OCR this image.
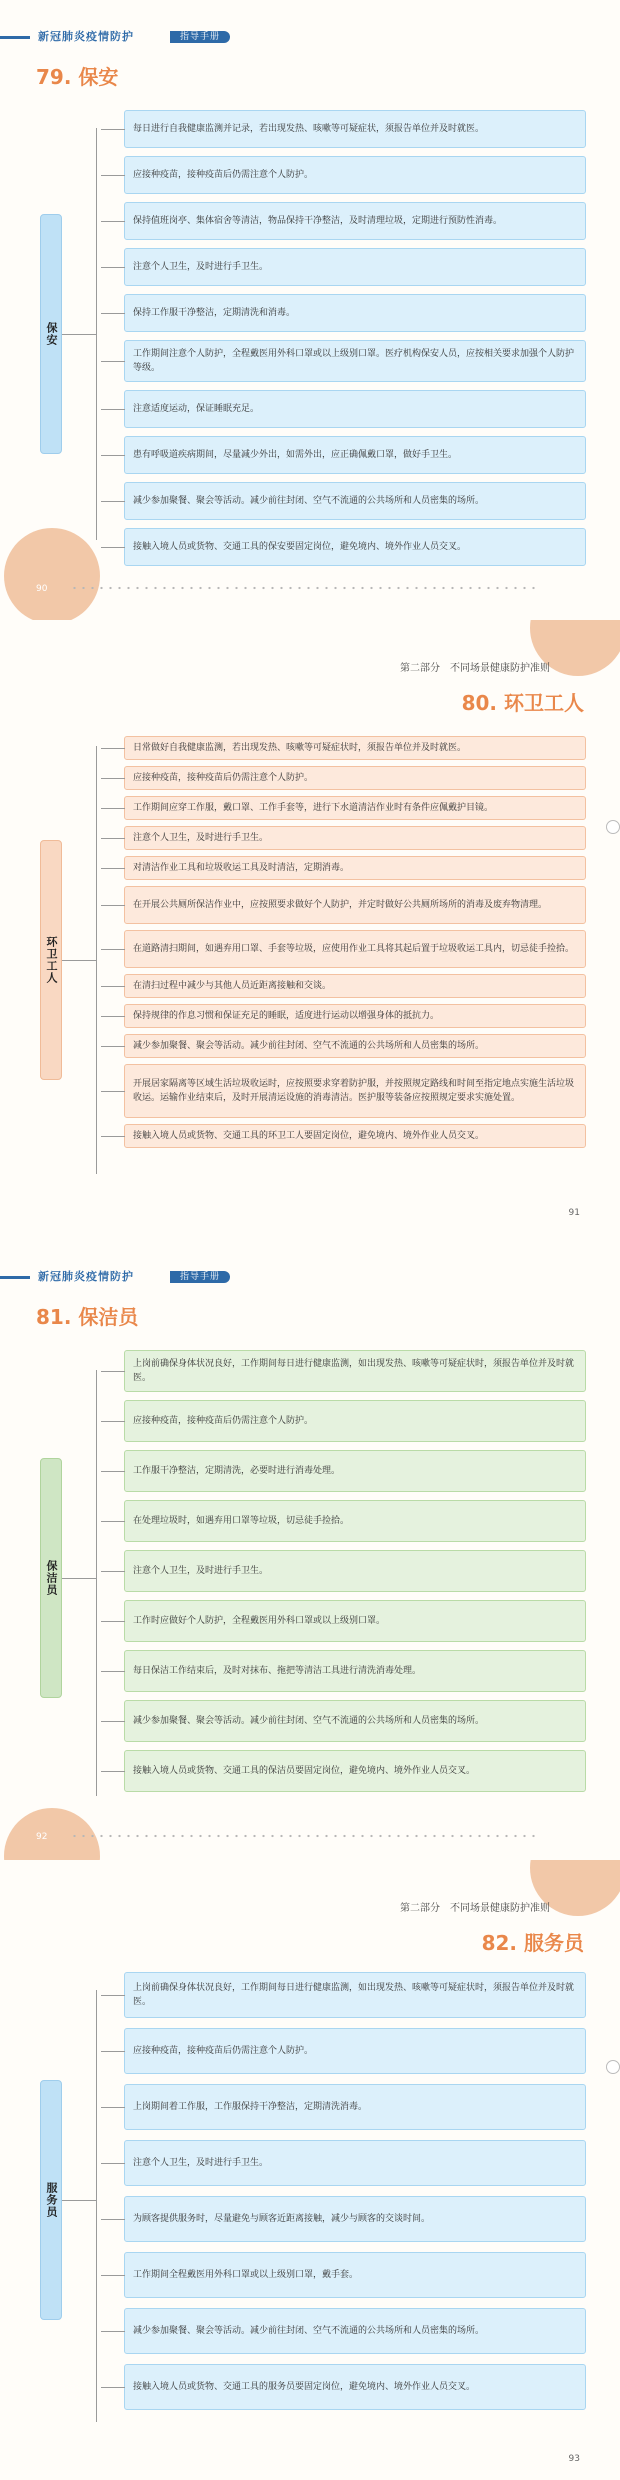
新冠肺炎疫情防护	指导手册
79. 保安
保安
每日进行自我健康监测并记录，若出现发热、咳嗽等可疑症状，须报告单位并及时就医。
应接种疫苗，接种疫苗后仍需注意个人防护。
保持值班岗亭、集体宿舍等清洁，物品保持干净整洁，及时清理垃圾，定期进行预防性消毒。
注意个人卫生，及时进行手卫生。
保持工作服干净整洁，定期清洗和消毒。
工作期间注意个人防护，全程戴医用外科口罩或以上级别口罩。医疗机构保安人员，应按相关要求加强个人防护等级。
注意适度运动，保证睡眠充足。
患有呼吸道疾病期间，尽量减少外出，如需外出，应正确佩戴口罩，做好手卫生。
减少参加聚餐、聚会等活动。减少前往封闭、空气不流通的公共场所和人员密集的场所。
接触入境人员或货物、交通工具的保安要固定岗位，避免境内、境外作业人员交叉。
90
第二部分　不同场景健康防护准则
80. 环卫工人
环卫工人
日常做好自我健康监测，若出现发热、咳嗽等可疑症状时，须报告单位并及时就医。
应接种疫苗，接种疫苗后仍需注意个人防护。
工作期间应穿工作服，戴口罩、工作手套等，进行下水道清洁作业时有条件应佩戴护目镜。
注意个人卫生，及时进行手卫生。
对清洁作业工具和垃圾收运工具及时清洁，定期消毒。
在开展公共厕所保洁作业中，应按照要求做好个人防护，并定时做好公共厕所场所的消毒及废弃物清理。
在道路清扫期间，如遇弃用口罩、手套等垃圾，应使用作业工具将其起后置于垃圾收运工具内，切忌徒手捡拾。
在清扫过程中减少与其他人员近距离接触和交谈。
保持规律的作息习惯和保证充足的睡眠，适度进行运动以增强身体的抵抗力。
减少参加聚餐、聚会等活动。减少前往封闭、空气不流通的公共场所和人员密集的场所。
开展居家隔离等区域生活垃圾收运时，应按照要求穿着防护服，并按照规定路线和时间至指定地点实施生活垃圾收运。运输作业结束后，及时开展清运设施的消毒清洁。医护服等装备应按照规定要求实施处置。
接触入境人员或货物、交通工具的环卫工人要固定岗位，避免境内、境外作业人员交叉。
91
新冠肺炎疫情防护	指导手册
81. 保洁员
保洁员
上岗前确保身体状况良好，工作期间每日进行健康监测，如出现发热、咳嗽等可疑症状时，须报告单位并及时就医。
应接种疫苗，接种疫苗后仍需注意个人防护。
工作服干净整洁，定期清洗，必要时进行消毒处理。
在处理垃圾时，如遇弃用口罩等垃圾，切忌徒手捡拾。
注意个人卫生，及时进行手卫生。
工作时应做好个人防护，全程戴医用外科口罩或以上级别口罩。
每日保洁工作结束后，及时对抹布、拖把等清洁工具进行清洗消毒处理。
减少参加聚餐、聚会等活动。减少前往封闭、空气不流通的公共场所和人员密集的场所。
接触入境人员或货物、交通工具的保洁员要固定岗位，避免境内、境外作业人员交叉。
92
第二部分　不同场景健康防护准则
82. 服务员
服务员
上岗前确保身体状况良好，工作期间每日进行健康监测，如出现发热、咳嗽等可疑症状时，须报告单位并及时就医。
应接种疫苗，接种疫苗后仍需注意个人防护。
上岗期间着工作服，工作服保持干净整洁，定期清洗消毒。
注意个人卫生，及时进行手卫生。
为顾客提供服务时，尽量避免与顾客近距离接触，减少与顾客的交谈时间。
工作期间全程戴医用外科口罩或以上级别口罩，戴手套。
减少参加聚餐、聚会等活动。减少前往封闭、空气不流通的公共场所和人员密集的场所。
接触入境人员或货物、交通工具的服务员要固定岗位，避免境内、境外作业人员交叉。
93
